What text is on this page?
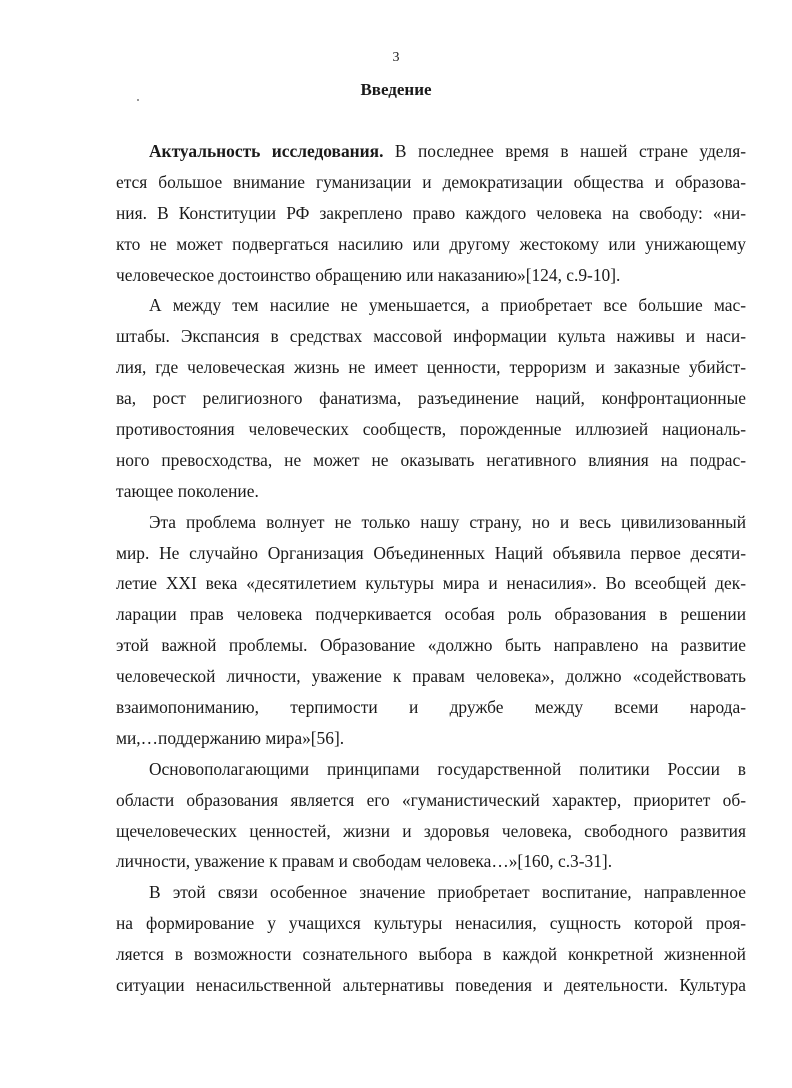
3
Введение
Актуальность исследования. В последнее время в нашей стране уделя-
ется большое внимание гуманизации и демократизации общества и образова-
ния. В Конституции РФ закреплено право каждого человека на свободу: «ни-
кто не может подвергаться насилию или другому жестокому или унижающему
человеческое достоинство обращению или наказанию»[124, с.9-10].
А между тем насилие не уменьшается, а приобретает все большие мас-
штабы. Экспансия в средствах массовой информации культа наживы и наси-
лия, где человеческая жизнь не имеет ценности, терроризм и заказные убийст-
ва, рост религиозного фанатизма, разъединение наций, конфронтационные
противостояния человеческих сообществ, порожденные иллюзией националь-
ного превосходства, не может не оказывать негативного влияния на подрас-
тающее поколение.
Эта проблема волнует не только нашу страну, но и весь цивилизованный
мир. Не случайно Организация Объединенных Наций объявила первое десяти-
летие XXI века «десятилетием культуры мира и ненасилия». Во всеобщей дек-
ларации прав человека подчеркивается особая роль образования в решении
этой важной проблемы. Образование «должно быть направлено на развитие
человеческой личности, уважение к правам человека», должно «содействовать
взаимопониманию, терпимости и дружбе между всеми народа-
ми,…поддержанию мира»[56].
Основополагающими принципами государственной политики России в
области образования является его «гуманистический характер, приоритет об-
щечеловеческих ценностей, жизни и здоровья человека, свободного развития
личности, уважение к правам и свободам человека…»[160, с.3-31].
В этой связи особенное значение приобретает воспитание, направленное
на формирование у учащихся культуры ненасилия, сущность которой проя-
ляется в возможности сознательного выбора в каждой конкретной жизненной
ситуации ненасильственной альтернативы поведения и деятельности. Культура
